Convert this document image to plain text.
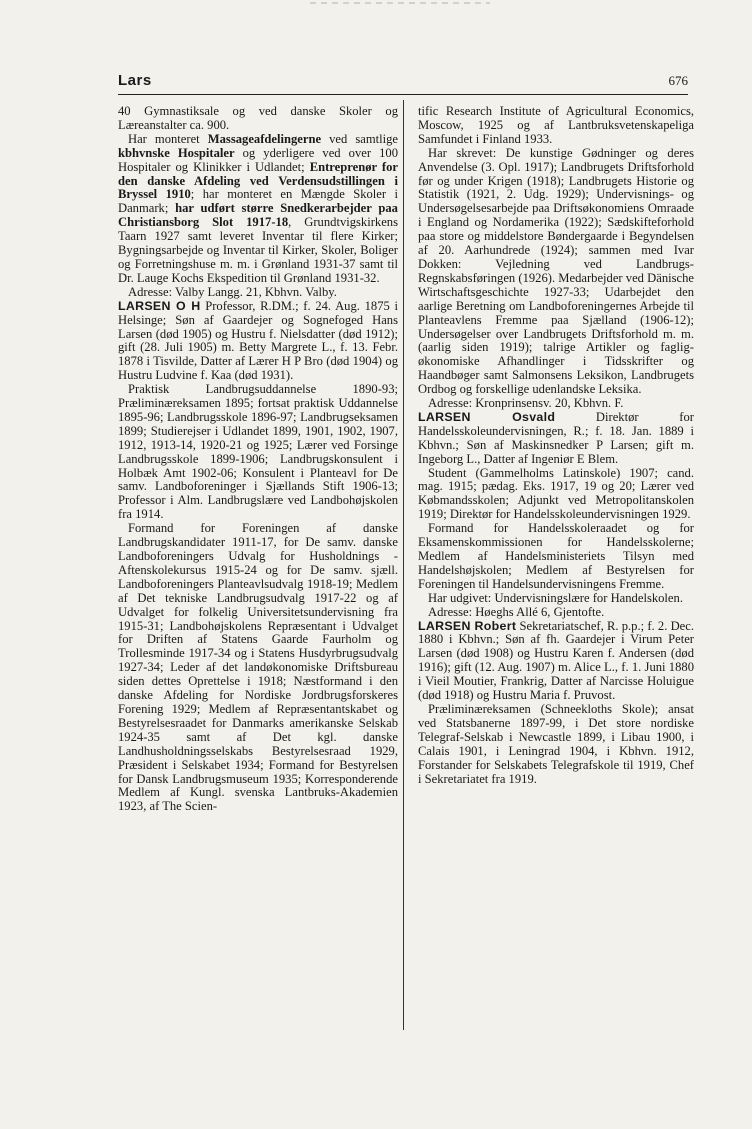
Lars	676

40 Gymnastiksale og ved danske Skoler og Læreanstalter ca. 900.

Har monteret Massageafdelingerne ved samtlige kbhvnske Hospitaler og yderligere ved over 100 Hospitaler og Klinikker i Udlandet; Entreprenør for den danske Afdeling ved Verdensudstillingen i Bryssel 1910; har monteret en Mængde Skoler i Danmark; har udført større Snedkerarbejder paa Christiansborg Slot 1917-18, Grundtvigskirkens Taarn 1927 samt leveret Inventar til flere Kirker; Bygningsarbejde og Inventar til Kirker, Skoler, Boliger og Forretningshuse m. m. i Grønland 1931-37 samt til Dr. Lauge Kochs Ekspedition til Grønland 1931-32.

Adresse: Valby Langg. 21, Kbhvn. Valby.

LARSEN O H Professor, R.DM.; f. 24. Aug. 1875 i Helsinge; Søn af Gaardejer og Sognefoged Hans Larsen (død 1905) og Hustru f. Nielsdatter (død 1912); gift (28. Juli 1905) m. Betty Margrete L., f. 13. Febr. 1878 i Tisvilde, Datter af Lærer H P Bro (død 1904) og Hustru Ludvine f. Kaa (død 1931).

Praktisk Landbrugsuddannelse 1890-93; Præliminæreksamen 1895; fortsat praktisk Uddannelse 1895-96; Landbrugsskole 1896-97; Landbrugseksamen 1899; Studierejser i Udlandet 1899, 1901, 1902, 1907, 1912, 1913-14, 1920-21 og 1925; Lærer ved Forsinge Landbrugsskole 1899-1906; Landbrugskonsulent i Holbæk Amt 1902-06; Konsulent i Planteavl for De samv. Landboforeninger i Sjællands Stift 1906-13; Professor i Alm. Landbrugslære ved Landbohøjskolen fra 1914.

Formand for Foreningen af danske Landbrugskandidater 1911-17, for De samv. danske Landboforeningers Udvalg for Husholdnings - Aftenskolekursus 1915-24 og for De samv. sjæll. Landboforeningers Planteavlsudvalg 1918-19; Medlem af Det tekniske Landbrugsudvalg 1917-22 og af Udvalget for folkelig Universitetsundervisning fra 1915-31; Landbohøjskolens Repræsentant i Udvalget for Driften af Statens Gaarde Faurholm og Trollesminde 1917-34 og i Statens Husdyrbrugsudvalg 1927-34; Leder af det landøkonomiske Driftsbureau siden dettes Oprettelse i 1918; Næstformand i den danske Afdeling for Nordiske Jordbrugsforskeres Forening 1929; Medlem af Repræsentantskabet og Bestyrelsesraadet for Danmarks amerikanske Selskab 1924-35 samt af Det kgl. danske Landhusholdningsselskabs Bestyrelsesraad 1929, Præsident i Selskabet 1934; Formand for Bestyrelsen for Dansk Landbrugsmuseum 1935; Korresponderende Medlem af Kungl. svenska Lantbruks-Akademien 1923, af The Scien-

tific Research Institute of Agricultural Economics, Moscow, 1925 og af Lantbruksvetenskapeliga Samfundet i Finland 1933.

Har skrevet: De kunstige Gødninger og deres Anvendelse (3. Opl. 1917); Landbrugets Driftsforhold før og under Krigen (1918); Landbrugets Historie og Statistik (1921, 2. Udg. 1929); Undervisnings- og Undersøgelsesarbejde paa Driftsøkonomiens Omraade i England og Nordamerika (1922); Sædskifteforhold paa store og middelstore Bøndergaarde i Begyndelsen af 20. Aarhundrede (1924); sammen med Ivar Dokken: Vejledning ved Landbrugs-Regnskabsføringen (1926). Medarbejder ved Dänische Wirtschaftsgeschichte 1927-33; Udarbejdet den aarlige Beretning om Landboforeningernes Arbejde til Planteavlens Fremme paa Sjælland (1906-12); Undersøgelser over Landbrugets Driftsforhold m. m. (aarlig siden 1919); talrige Artikler og faglig-økonomiske Afhandlinger i Tidsskrifter og Haandbøger samt Salmonsens Leksikon, Landbrugets Ordbog og forskellige udenlandske Leksika.

Adresse: Kronprinsensv. 20, Kbhvn. F.

LARSEN Osvald Direktør for Handelsskoleundervisningen, R.; f. 18. Jan. 1889 i Kbhvn.; Søn af Maskinsnedker P Larsen; gift m. Ingeborg L., Datter af Ingeniør E Blem.

Student (Gammelholms Latinskole) 1907; cand. mag. 1915; pædag. Eks. 1917, 19 og 20; Lærer ved Købmandsskolen; Adjunkt ved Metropolitanskolen 1919; Direktør for Handelsskoleundervisningen 1929.

Formand for Handelsskoleraadet og for Eksamenskommissionen for Handelsskolerne; Medlem af Handelsministeriets Tilsyn med Handelshøjskolen; Medlem af Bestyrelsen for Foreningen til Handelsundervisningens Fremme.

Har udgivet: Undervisningslære for Handelskolen.

Adresse: Høeghs Allé 6, Gjentofte.

LARSEN Robert Sekretariatschef, R. p.p.; f. 2. Dec. 1880 i Kbhvn.; Søn af fh. Gaardejer i Virum Peter Larsen (død 1908) og Hustru Karen f. Andersen (død 1916); gift (12. Aug. 1907) m. Alice L., f. 1. Juni 1880 i Vieil Moutier, Frankrig, Datter af Narcisse Holuigue (død 1918) og Hustru Maria f. Pruvost.

Præliminæreksamen (Schneekloths Skole); ansat ved Statsbanerne 1897-99, i Det store nordiske Telegraf-Selskab i Newcastle 1899, i Libau 1900, i Calais 1901, i Leningrad 1904, i Kbhvn. 1912, Forstander for Selskabets Telegrafskole til 1919, Chef i Sekretariatet fra 1919.
